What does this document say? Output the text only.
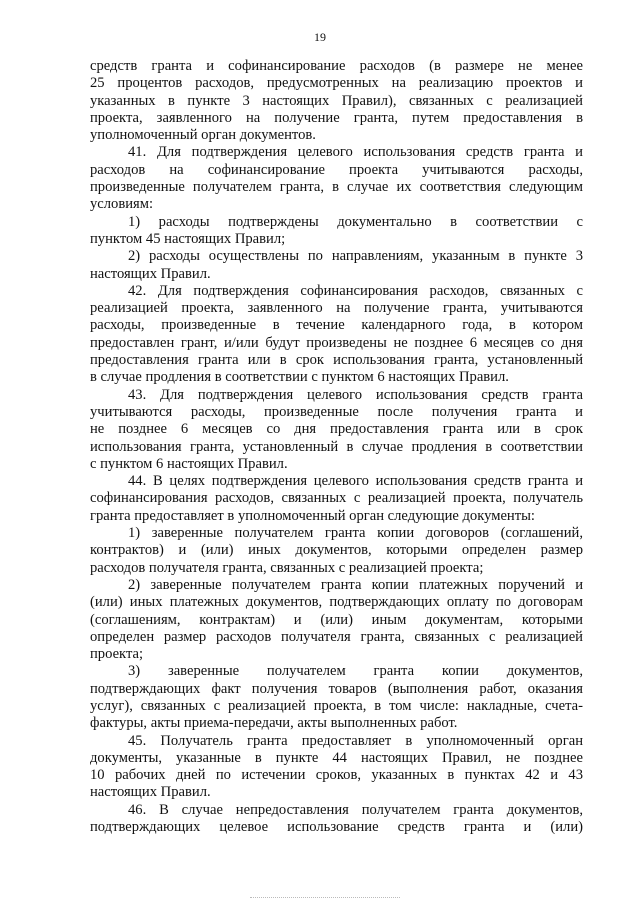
19

средств гранта и софинансирование расходов (в размере не менее

25 процентов расходов, предусмотренных на реализацию проектов и

указанных в пункте 3 настоящих Правил), связанных с реализацией

проекта, заявленного на получение гранта, путем предоставления в

уполномоченный орган документов.

41. Для подтверждения целевого использования средств гранта и

расходов на софинансирование проекта учитываются расходы,

произведенные получателем гранта, в случае их соответствия следующим

условиям:

1) расходы подтверждены документально в соответствии с

пунктом 45 настоящих Правил;

2) расходы осуществлены по направлениям, указанным в пункте 3

настоящих Правил.

42. Для подтверждения софинансирования расходов, связанных с

реализацией проекта, заявленного на получение гранта, учитываются

расходы, произведенные в течение календарного года, в котором

предоставлен грант, и/или будут произведены не позднее 6 месяцев со дня

предоставления гранта или в срок использования гранта, установленный

в случае продления в соответствии с пунктом 6 настоящих Правил.

43. Для подтверждения целевого использования средств гранта

учитываются расходы, произведенные после получения гранта и

не позднее 6 месяцев со дня предоставления гранта или в срок

использования гранта, установленный в случае продления в соответствии

с пунктом 6 настоящих Правил.

44. В целях подтверждения целевого использования средств гранта и

софинансирования расходов, связанных с реализацией проекта, получатель

гранта предоставляет в уполномоченный орган следующие документы:

1) заверенные получателем гранта копии договоров (соглашений,

контрактов) и (или) иных документов, которыми определен размер

расходов получателя гранта, связанных с реализацией проекта;

2) заверенные получателем гранта копии платежных поручений и

(или) иных платежных документов, подтверждающих оплату по договорам

(соглашениям, контрактам) и (или) иным документам, которыми

определен размер расходов получателя гранта, связанных с реализацией

проекта;

3) заверенные получателем гранта копии документов,

подтверждающих факт получения товаров (выполнения работ, оказания

услуг), связанных с реализацией проекта, в том числе: накладные, счета-

фактуры, акты приема-передачи, акты выполненных работ.

45. Получатель гранта предоставляет в уполномоченный орган

документы, указанные в пункте 44 настоящих Правил, не позднее

10 рабочих дней по истечении сроков, указанных в пунктах 42 и 43

настоящих Правил.

46. В случае непредоставления получателем гранта документов,

подтверждающих целевое использование средств гранта и (или)
